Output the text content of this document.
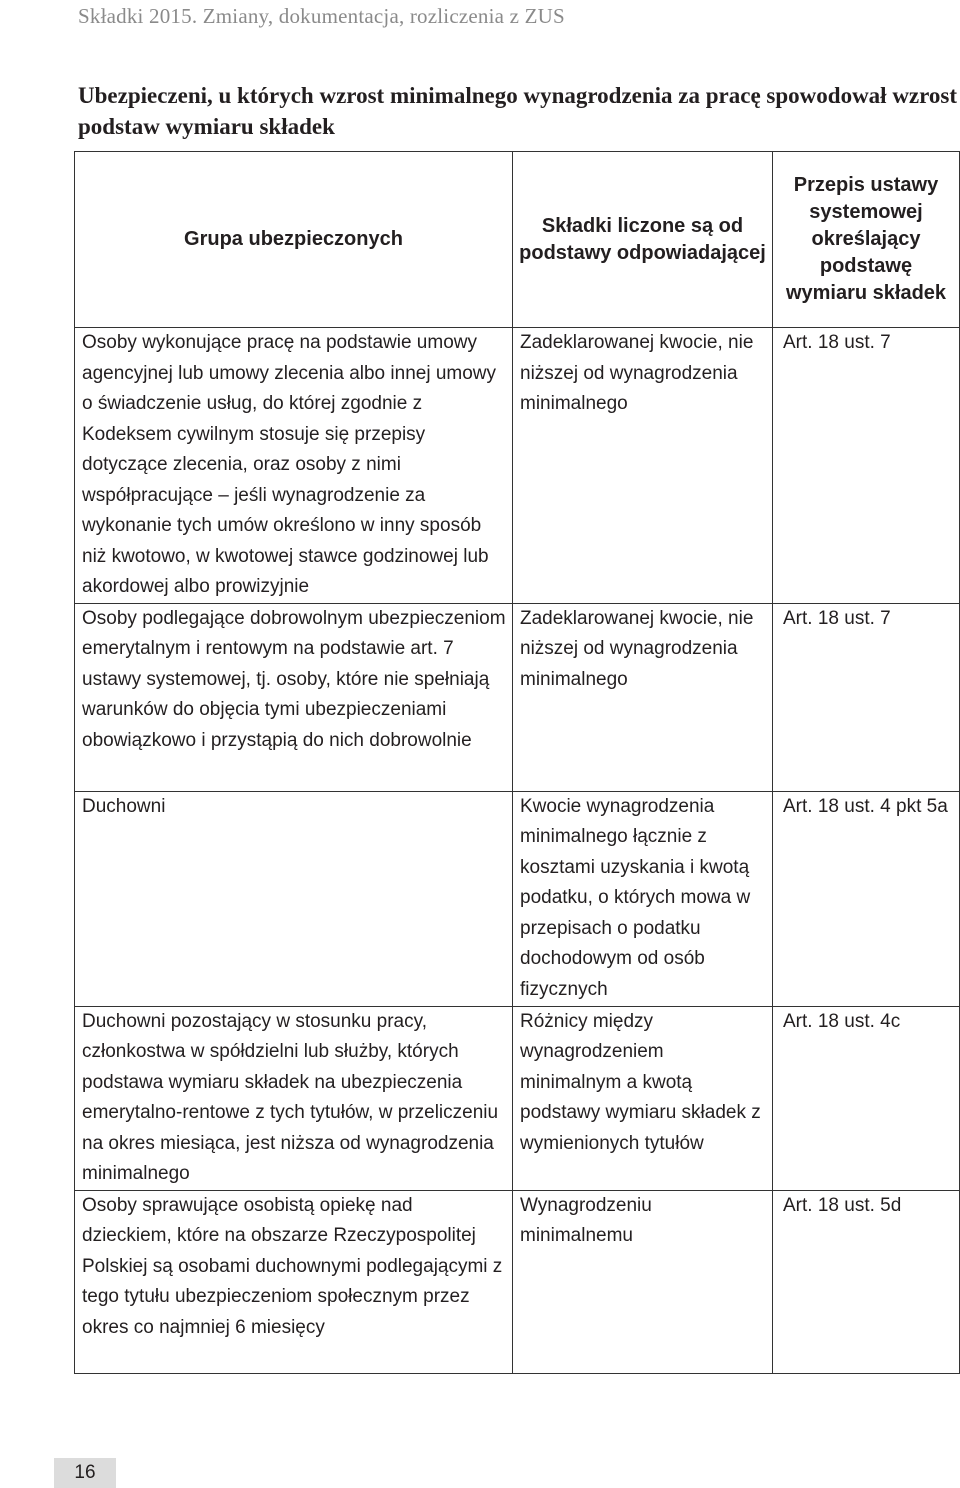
Składki 2015. Zmiany, dokumentacja, rozliczenia z ZUS
Ubezpieczeni, u których wzrost minimalnego wynagrodzenia za pracę spowodował wzrost podstaw wymiaru składek
Grupa ubezpieczonych	Składki liczone są od podstawy odpowiadającej	Przepis ustawy systemowej określający podstawę wymiaru składek
Osoby wykonujące pracę na podstawie umowy agencyjnej lub umowy zlecenia albo innej umowy o świadczenie usług, do której zgodnie z Kodeksem cywilnym stosuje się przepisy dotyczące zlecenia, oraz osoby z nimi współpracujące – jeśli wynagrodzenie za wykonanie tych umów określono w inny sposób niż kwotowo, w kwotowej stawce godzinowej lub akordowej albo prowizyjnie	Zadeklarowanej kwocie, nie niższej od wynagrodzenia minimalnego	Art. 18 ust. 7
Osoby podlegające dobrowolnym ubezpieczeniom emerytalnym i rentowym na podstawie art. 7 ustawy systemowej, tj. osoby, które nie spełniają warunków do objęcia tymi ubezpieczeniami obowiązkowo i przystąpią do nich dobrowolnie	Zadeklarowanej kwocie, nie niższej od wynagrodzenia minimalnego	Art. 18 ust. 7
Duchowni	Kwocie wynagrodzenia minimalnego łącznie z kosztami uzyskania i kwotą podatku, o których mowa w przepisach o podatku dochodowym od osób fizycznych	Art. 18 ust. 4 pkt 5a
Duchowni pozostający w stosunku pracy, członkostwa w spółdzielni lub służby, których podstawa wymiaru składek na ubezpieczenia emerytalno-rentowe z tych tytułów, w przeliczeniu na okres miesiąca, jest niższa od wynagrodzenia minimalnego	Różnicy między wynagrodzeniem minimalnym a kwotą podstawy wymiaru składek z wymienionych tytułów	Art. 18 ust. 4c
Osoby sprawujące osobistą opiekę nad dzieckiem, które na obszarze Rzeczypospolitej Polskiej są osobami duchownymi podlegającymi z tego tytułu ubezpieczeniom społecznym przez okres co najmniej 6 miesięcy	Wynagrodzeniu minimalnemu	Art. 18 ust. 5d
16
